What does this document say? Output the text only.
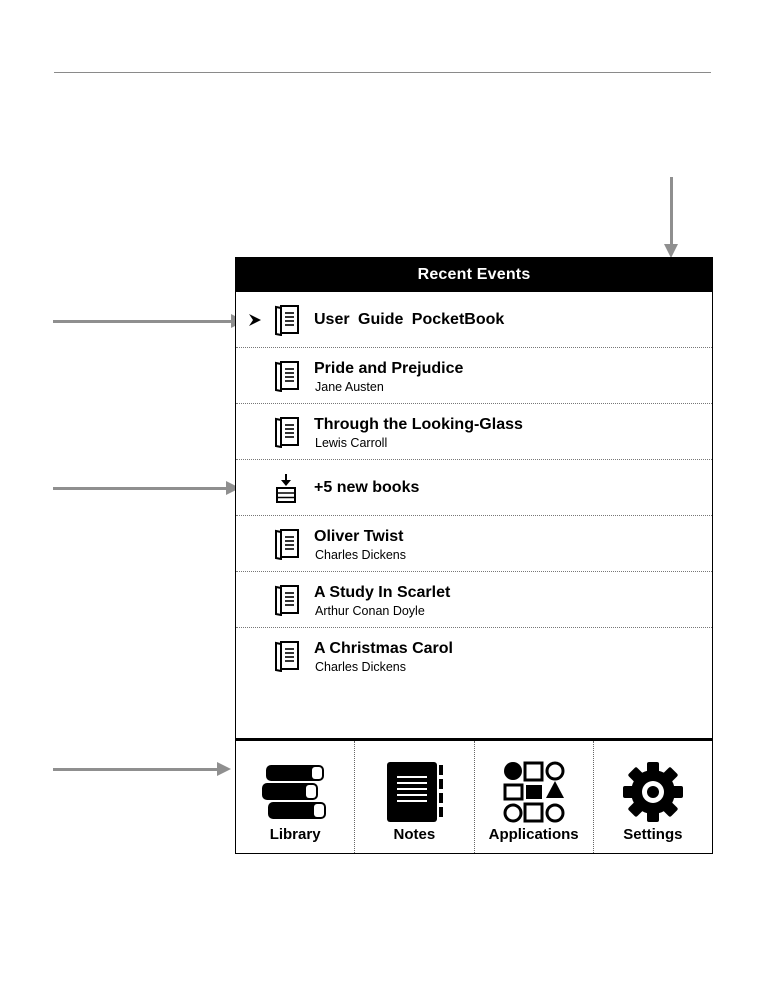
Recent Events
User Guide PocketBook
Pride and Prejudice
Jane Austen
Through the Looking-Glass
Lewis Carroll
+5 new books
Oliver Twist
Charles Dickens
A Study In Scarlet
Arthur Conan Doyle
A Christmas Carol
Charles Dickens
Library	Notes	Applications	Settings
